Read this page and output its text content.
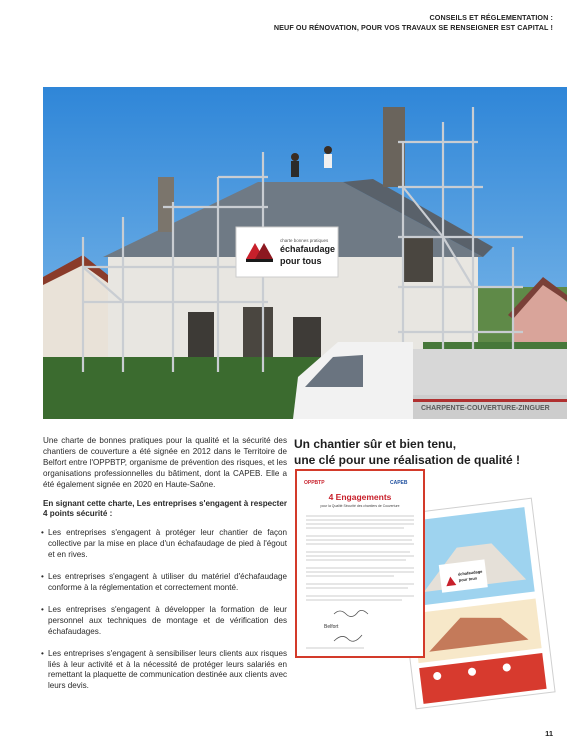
CONSEILS ET RÉGLEMENTATION :
NEUF OU RÉNOVATION, POUR VOS TRAVAUX SE RENSEIGNER EST CAPITAL !
charte bonnes pratiques
échafaudage
pour tous
CHARPENTE-COUVERTURE-ZINGUER
©Capeb 90

Une charte de bonnes pratiques pour la qualité et la sécurité des chantiers de couverture a été signée en 2012 dans le Territoire de Belfort entre l'OPPBTP, organisme de prévention des risques, et les organisations professionnelles du bâtiment, dont la CAPEB. Elle a été également signée en 2020 en Haute-Saône.

En signant cette charte, Les entreprises s'engagent à respecter 4 points sécurité :

• Les entreprises s'engagent à protéger leur chantier de façon collective par la mise en place d'un échafaudage de pied à l'égout et en rives.
• Les entreprises s'engagent à utiliser du matériel d'échafaudage conforme à la réglementation et correctement monté.
• Les entreprises s'engagent à développer la formation de leur personnel aux techniques de montage et de vérification des échafaudages.
• Les entreprises s'engagent à sensibiliser leurs clients aux risques liés à leur activité et à la nécessité de protéger leurs salariés en remettant la plaquette de communication destinée aux clients avec leurs devis.
Un chantier sûr et bien tenu,
une clé pour une réalisation de qualité !
échafaudage
pour tous
OPPBTP	CAPEB
4 Engagements
pour la Qualité Sécurité des chantiers de Couverture
Belfort
11
